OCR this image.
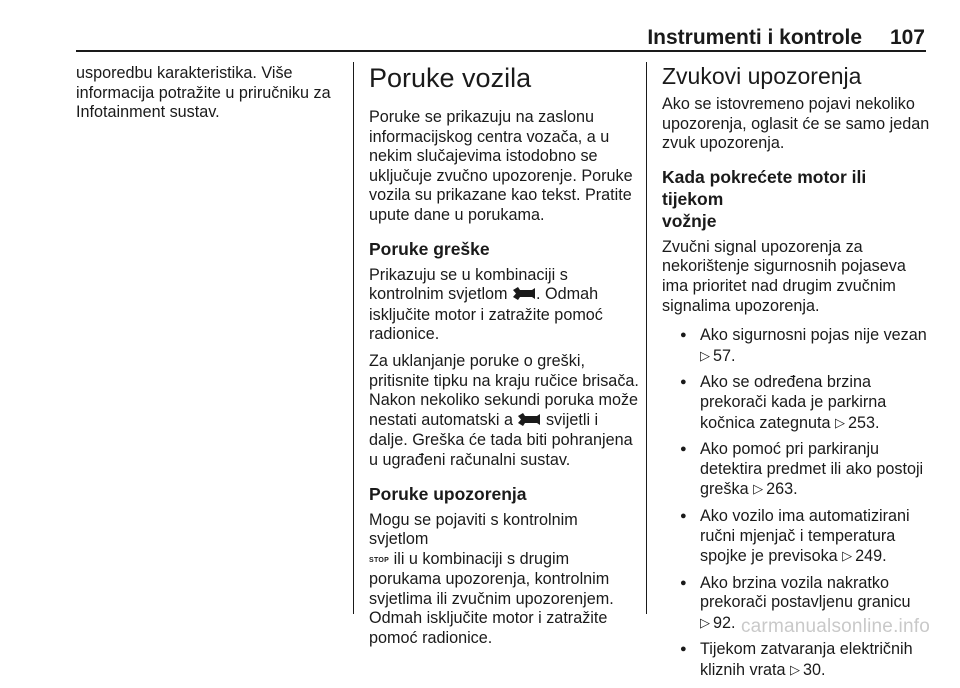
Instrumenti i kontrole 107

usporedbu karakteristika. Više
informacija potražite u priručniku za
Infotainment sustav.

Poruke vozila

Poruke se prikazuju na zaslonu
informacijskog centra vozača, a u
nekim slučajevima istodobno se
uključuje zvučno upozorenje. Poruke
vozila su prikazane kao tekst. Pratite
upute dane u porukama.

Poruke greške

Prikazuju se u kombinaciji s
kontrolnim svjetlom . Odmah
isključite motor i zatražite pomoć
radionice.

Za uklanjanje poruke o greški,
pritisnite tipku na kraju ručice brisača.
Nakon nekoliko sekundi poruka može
nestati automatski a  svijetli i
dalje. Greška će tada biti pohranjena
u ugrađeni računalni sustav.

Poruke upozorenja

Mogu se pojaviti s kontrolnim svjetlom
STOP ili u kombinaciji s drugim
porukama upozorenja, kontrolnim
svjetlima ili zvučnim upozorenjem.
Odmah isključite motor i zatražite
pomoć radionice.

Zvukovi upozorenja

Ako se istovremeno pojavi nekoliko
upozorenja, oglasit će se samo jedan
zvuk upozorenja.

Kada pokrećete motor ili tijekom
vožnje

Zvučni signal upozorenja za
nekorištenje sigurnosnih pojaseva
ima prioritet nad drugim zvučnim
signalima upozorenja.

● Ako sigurnosni pojas nije vezan
▷ 57.
● Ako se određena brzina
prekorači kada je parkirna
kočnica zategnuta ▷ 253.
● Ako pomoć pri parkiranju
detektira predmet ili ako postoji
greška ▷ 263.
● Ako vozilo ima automatizirani
ručni mjenjač i temperatura
spojke je previsoka ▷ 249.
● Ako brzina vozila nakratko
prekorači postavljenu granicu
▷ 92.
● Tijekom zatvaranja električnih
kliznih vrata ▷ 30.
carmanualsonline.info
